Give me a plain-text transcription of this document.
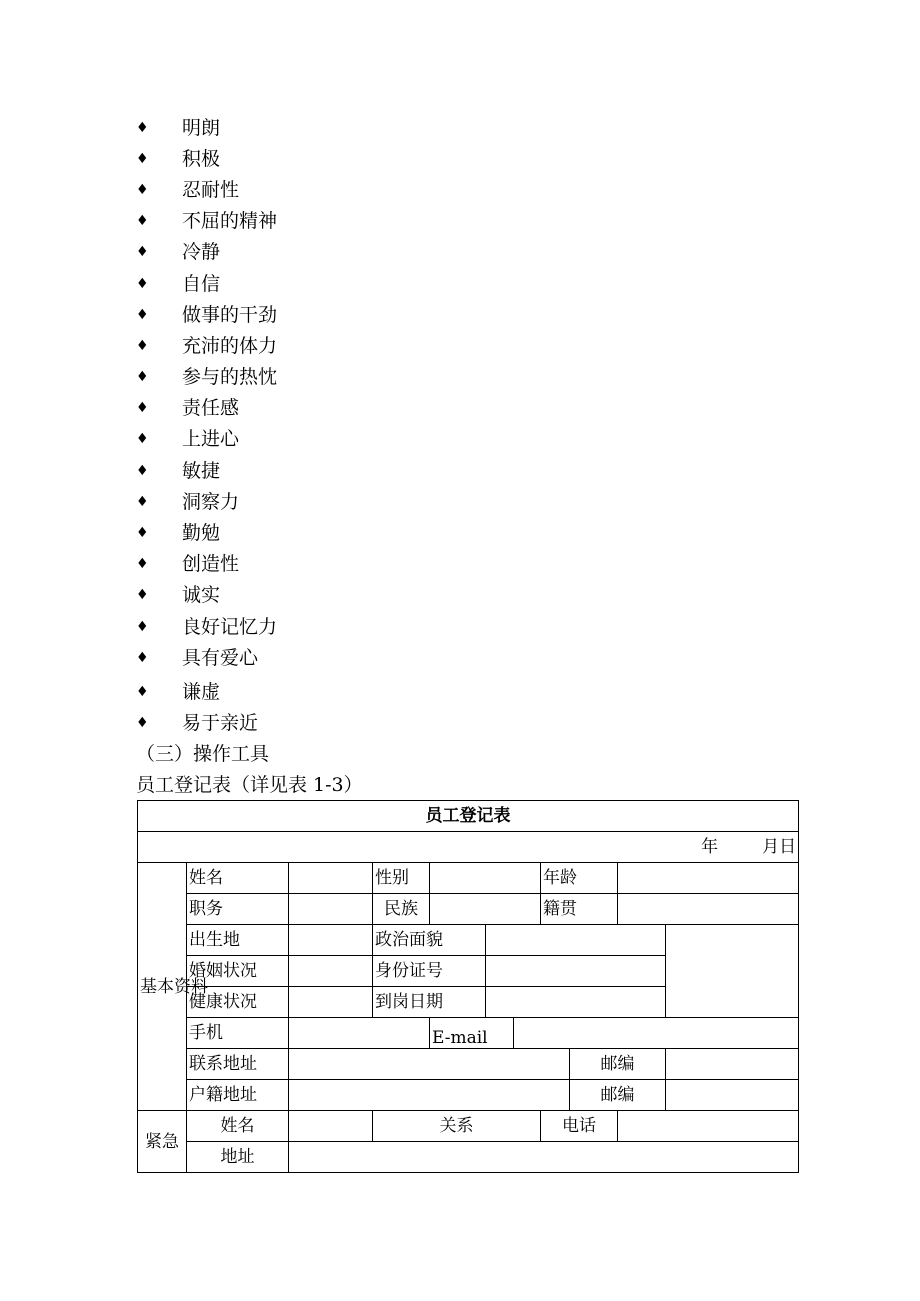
♦	明朗
♦	积极
♦	忍耐性
♦	不屈的精神
♦	冷静
♦	自信
♦	做事的干劲
♦	充沛的体力
♦	参与的热忱
♦	责任感
♦	上进心
♦	敏捷
♦	洞察力
♦	勤勉
♦	创造性
♦	诚实
♦	良好记忆力
♦	具有爱心
♦	谦虚
♦	易于亲近
（三）操作工具
员工登记表（详见表 1-3）
员工登记表											
年 月日											
基本资料	姓名		性别				年龄		
	职务		民族				籍贯				
	出生地		政治面貌								
	婚姻状况		身份证号								
	健康状况		到岗日期								
	手机			E-mail							
	联系地址							邮编			
	户籍地址							邮编			
紧急	姓名		关系				电话				
	地址										
